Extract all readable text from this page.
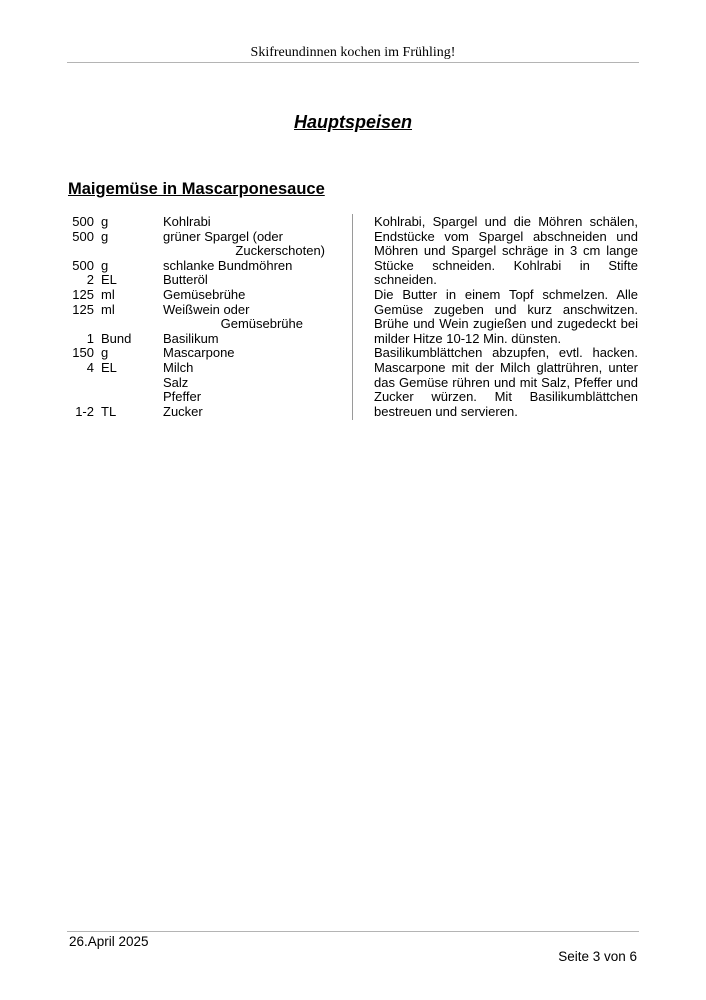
Skifreundinnen kochen im Frühling!
Hauptspeisen
Maigemüse in Mascarponesauce
500 g	Kohlrabi
500 g	grüner Spargel (oder
Zuckerschoten)
500 g	schlanke Bundmöhren
2 EL	Butteröl
125 ml	Gemüsebrühe
125 ml	Weißwein oder
Gemüsebrühe
1 Bund Basilikum
150 g	Mascarpone
4 EL	Milch
Salz
Pfeffer
1-2 TL	Zucker

Kohlrabi, Spargel und die Möhren schälen, Endstücke vom Spargel abschneiden und Möhren und Spargel schräge in 3 cm lange Stücke schneiden. Kohlrabi in Stifte schneiden.

Die Butter in einem Topf schmelzen. Alle Gemüse zugeben und kurz anschwitzen. Brühe und Wein zugießen und zugedeckt bei milder Hitze 10-12 Min. dünsten.

Basilikumblättchen abzupfen, evtl. hacken. Mascarpone mit der Milch glattrühren, unter das Gemüse rühren und mit Salz, Pfeffer und Zucker würzen. Mit Basilikumblättchen bestreuen und servieren.

26.April 2025
Seite 3 von 6
